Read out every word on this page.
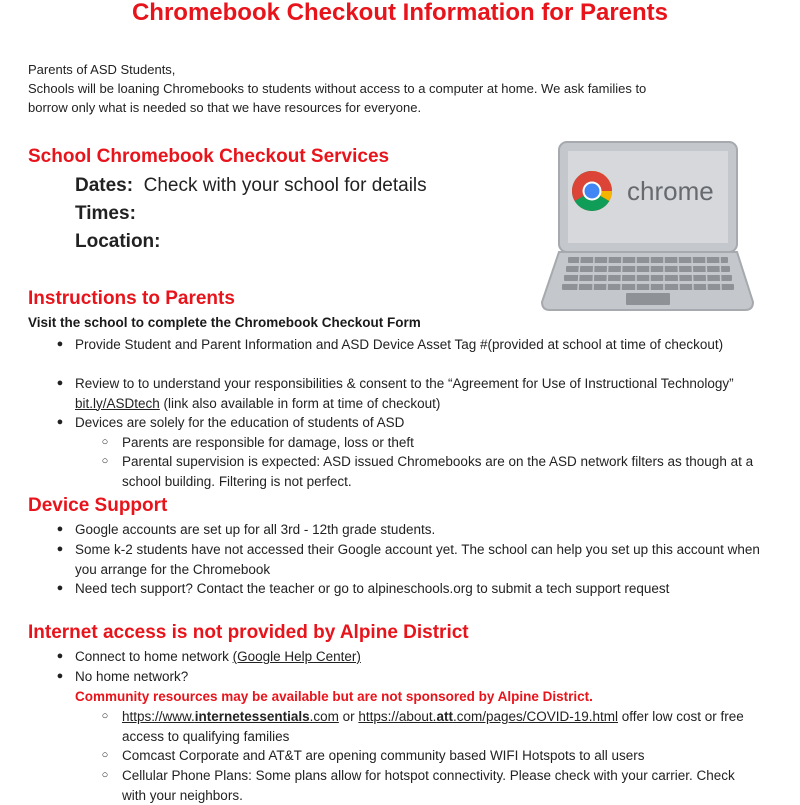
Chromebook Checkout Information for Parents
Parents of ASD Students,
Schools will be loaning Chromebooks to students without access to a computer at home. We ask families to
borrow only what is needed so that we have resources for everyone.
School Chromebook Checkout Services
Dates: Check with your school for details
Times:
Location:
chrome
Instructions to Parents
Visit the school to complete the Chromebook Checkout Form
● Provide Student and Parent Information and ASD Device Asset Tag #(provided at school at time of checkout)
● Review to to understand your responsibilities & consent to the “Agreement for Use of Instructional Technology” bit.ly/ASDtech (link also available in form at time of checkout)
● Devices are solely for the education of students of ASD
○	Parents are responsible for damage, loss or theft
○	Parental supervision is expected: ASD issued Chromebooks are on the ASD network filters as though at a school building. Filtering is not perfect.
Device Support
● Google accounts are set up for all 3rd - 12th grade students.
● Some k-2 students have not accessed their Google account yet. The school can help you set up this account when you arrange for the Chromebook
● Need tech support? Contact the teacher or go to alpineschools.org to submit a tech support request
Internet access is not provided by Alpine District
● Connect to home network (Google Help Center)
● No home network?
Community resources may be available but are not sponsored by Alpine District.
○	https://www.internetessentials.com or https://about.att.com/pages/COVID-19.html offer low cost or free access to qualifying families
○	Comcast Corporate and AT&T are opening community based WIFI Hotspots to all users
○	Cellular Phone Plans: Some plans allow for hotspot connectivity. Please check with your carrier. Check with your neighbors.
